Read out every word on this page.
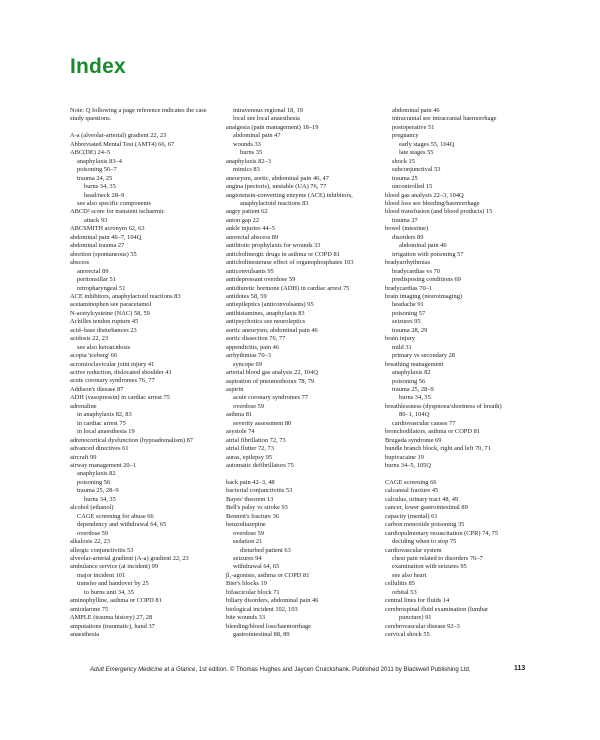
Index
Note: Q following a page reference indicates the case study questions.
A-a (alveolar-arterial) gradient 22, 23
Abbreviated Mental Test (AMT4) 66, 67
ABC(DE) 24–5
anaphylaxis 83–4
poisoning 56–7
trauma 24, 25
burns 34, 35
head/neck 28–9
see also specific components
ABCD² score for transient ischaemic
attack 93
ABCSMITH acronym 62, 63
abdominal pain 46–7, 104Q
abdominal trauma 27
abortion (spontaneous) 55
abscess
anorectal 89
peritonsillar 51
retropharyngeal 51
ACE inhibitors, anaphylactoid reactions 83
acetaminophen see paracetamol
N-acetylcysteine (NAC) 58, 59
Achilles tendon rupture 45
acid–base disturbances 23
acidosis 22, 23
see also ketoacidosis
acopia 'iceberg' 66
acromioclavicular joint injury 41
active reduction, dislocated shoulder 41
acute coronary syndromes 76, 77
Addison's disease 87
ADH (vasopressin) in cardiac arrest 75
adrenaline
in anaphylaxis 82, 83
in cardiac arrest 75
in local anaesthesia 19
adrenocortical dysfunction (hypoadrenalism) 87
advanced directives 61
aircraft 99
airway management 20–1
anaphylaxis 82
poisoning 56
trauma 25, 28–9
burns 34, 35
alcohol (ethanol)
CAGE screening for abuse 66
dependency and withdrawal 64, 65
overdose 59
alkalosis 22, 23
allergic conjunctivitis 53
alveolar-arterial gradient (A-a) gradient 22, 23
ambulance service (at incident) 99
major incident 101
transfer and handover by 25
to burns unit 34, 35
aminophylline, asthma or COPD 81
amiodarone 75
AMPLE (trauma history) 27, 28
amputations (traumatic), hand 37
anaesthesia
intravenous regional 18, 19
local see local anaesthesia
analgesia (pain management) 18–19
abdominal pain 47
wounds 33
burns 35
anaphylaxis 82–3
mimics 83
aneurysm, aortic, abdominal pain 46, 47
angina (pectoris), unstable (UA) 76, 77
angiotensin-converting enzyme (ACE) inhibitors,
anaphylactoid reactions 83
angry patient 62
anion gap 22
ankle injuries 44–5
anorectal abscess 89
antibiotic prophylaxis for wounds 33
anticholinergic drugs in asthma or COPD 81
anticholinesterase effect of organophosphates 103
anticonvulsants 95
antidepressant overdose 59
antidiuretic hormone (ADH) in cardiac arrest 75
antidotes 58, 59
antiepileptics (anticonvulsants) 95
antihistamines, anaphylaxis 83
antipsychotics see neuroleptics
aortic aneurysm, abdominal pain 46
aortic dissection 76, 77
appendicitis, pain 46
arrhythmias 70–3
syncope 69
arterial blood gas analysis 22, 104Q
aspiration of pneumothorax 78, 79
aspirin
acute coronary syndromes 77
overdose 59
asthma 81
severity assessment 80
asystole 74
atrial fibrillation 72, 73
atrial flutter 72, 73
auras, epilepsy 95
automatic defibrillators 75
back pain 42–3, 48
bacterial conjunctivitis 53
Bayes' theorem 13
Bell's palsy vs stroke 93
Bennett's fracture 36
benzodiazepine
overdose 59
sedation 21
disturbed patient 63
seizures 94
withdrawal 64, 65
β₂-agonists, asthma or COPD 81
Bier's blocks 19
bifascicular block 71
biliary disorders, abdominal pain 46
biological incident 102, 103
bite wounds 33
bleeding/blood loss/haemorrhage
gastrointestinal 88, 89
abdominal pain 46
intracranial see intracranial haemorrhage
postoperative 51
pregnancy
early stages 55, 104Q
late stages 55
shock 15
subconjunctival 53
trauma 25
uncontrolled 15
blood gas analysis 22–3, 104Q
blood loss see bleeding/haemorrhage
blood transfusion (and blood products) 15
trauma 27
bowel (intestine)
disorders 89
abdominal pain 46
irrigation with poisoning 57
bradyarrhythmias
bradycardias vs 70
predisposing conditions 69
bradycardias 70–1
brain imaging (neuroimaging)
headache 91
poisoning 57
seizures 95
trauma 28, 29
brain injury
mild 31
primary vs secondary 28
breathing management
anaphylaxis 82
poisoning 56
trauma 25, 28–9
burns 34, 35
breathlessness (dyspnoea/shortness of breath)
80–1, 104Q
cardiovascular causes 77
bronchodilators, asthma or COPD 81
Brugada syndrome 69
bundle branch block, right and left 70, 71
bupivacaine 19
burns 34–5, 105Q
CAGE screening 66
calcaneal fracture 45
calculus, urinary tract 48, 49
cancer, lower gastrointestinal 89
capacity (mental) 61
carbon monoxide poisoning 35
cardiopulmonary resuscitation (CPR) 74, 75
deciding when to stop 75
cardiovascular system
chest pain related to disorders 76–7
examination with seizures 95
see also heart
cellulitis 85
orbital 53
central lines for fluids 14
cerebrospinal fluid examination (lumbar
puncture) 91
cerebrovascular disease 92–3
cervical shock 55
Adult Emergency Medicine at a Glance, 1st edition. © Thomas Hughes and Jaycen Cruickshank. Published 2011 by Blackwell Publishing Ltd.	113
